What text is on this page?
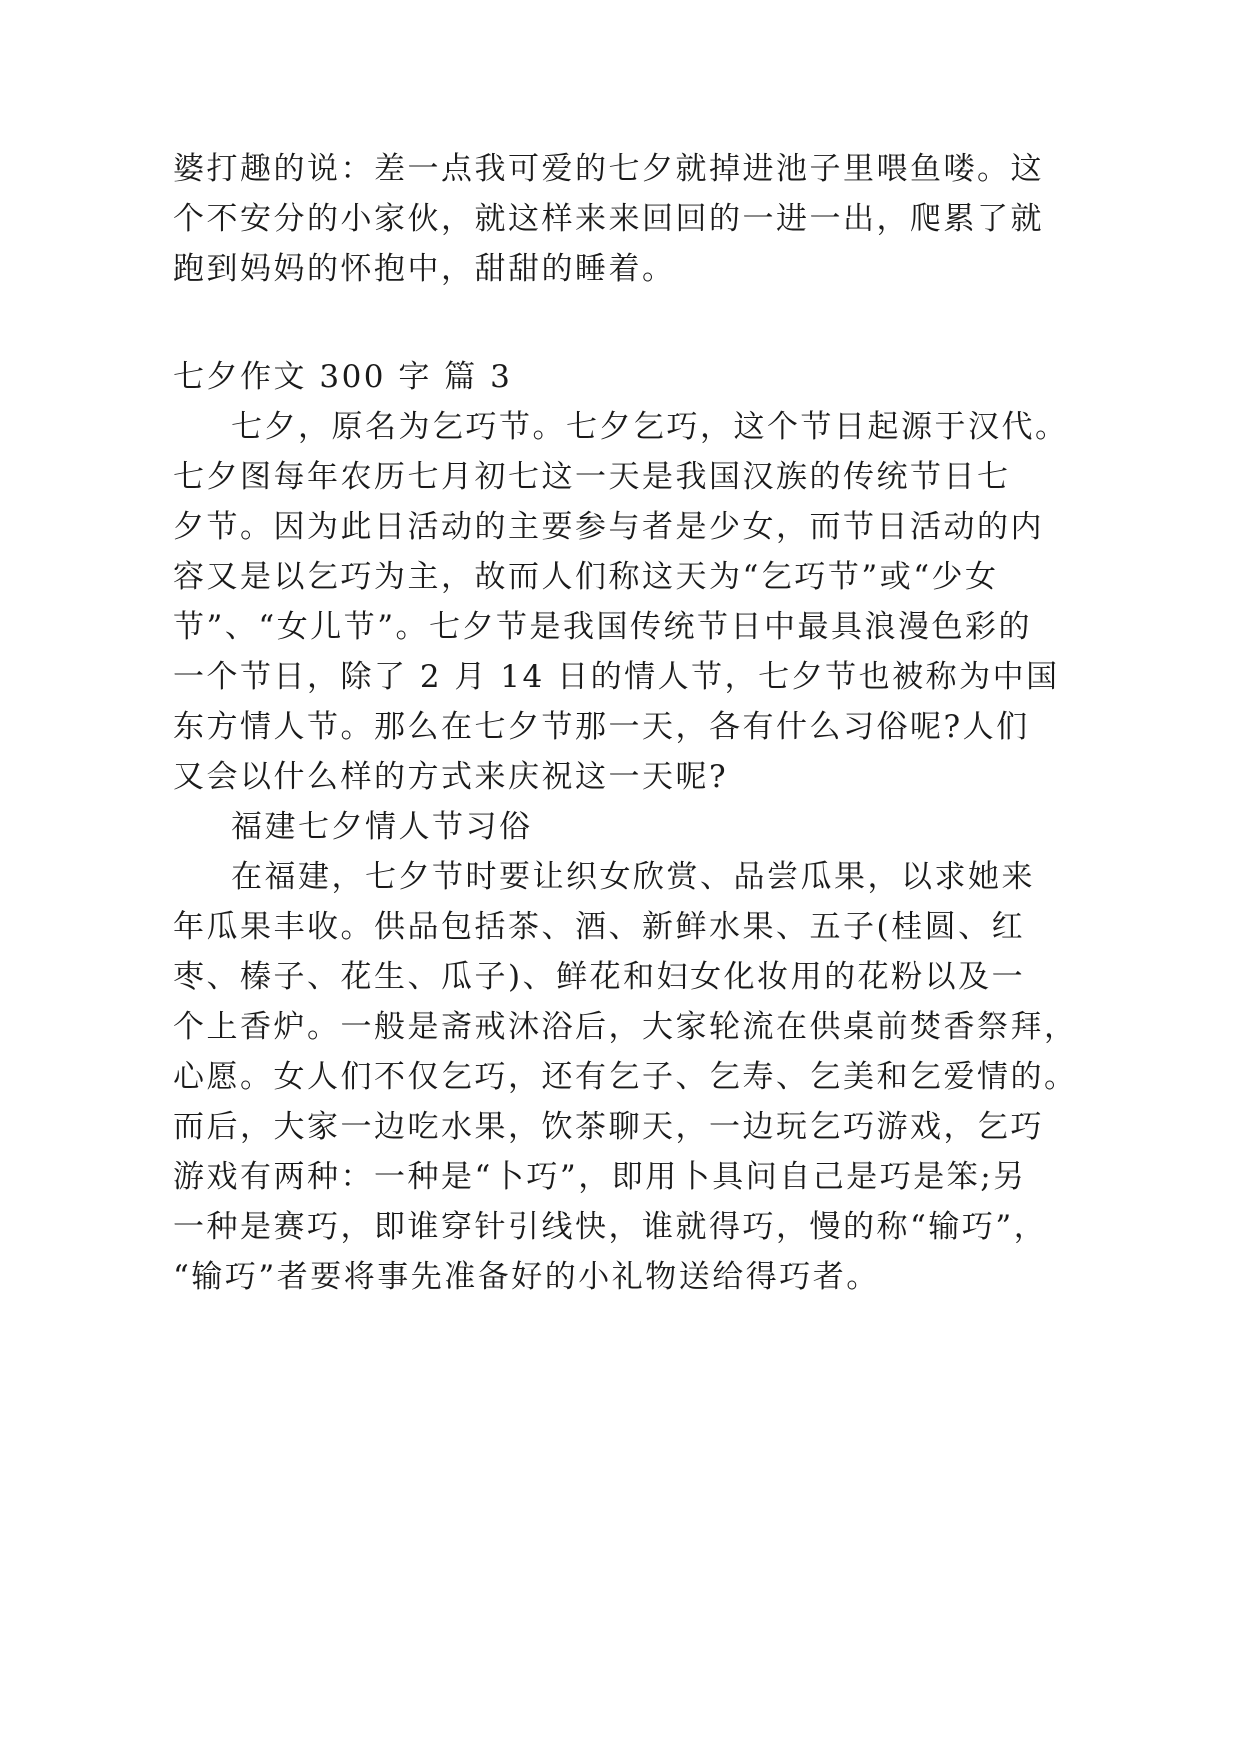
婆打趣的说：差一点我可爱的七夕就掉进池子里喂鱼喽。这

个不安分的小家伙，就这样来来回回的一进一出，爬累了就

跑到妈妈的怀抱中，甜甜的睡着。

七夕作文 300 字 篇 3

七夕，原名为乞巧节。七夕乞巧，这个节日起源于汉代。

七夕图每年农历七月初七这一天是我国汉族的传统节日七

夕节。因为此日活动的主要参与者是少女，而节日活动的内

容又是以乞巧为主，故而人们称这天为“乞巧节”或“少女

节”、“女儿节”。七夕节是我国传统节日中最具浪漫色彩的

一个节日，除了 2 月 14 日的情人节，七夕节也被称为中国

东方情人节。那么在七夕节那一天，各有什么习俗呢?人们

又会以什么样的方式来庆祝这一天呢?

福建七夕情人节习俗

在福建，七夕节时要让织女欣赏、品尝瓜果，以求她来

年瓜果丰收。供品包括茶、酒、新鲜水果、五子(桂圆、红

枣、榛子、花生、瓜子)、鲜花和妇女化妆用的花粉以及一

个上香炉。一般是斋戒沐浴后，大家轮流在供桌前焚香祭拜，

心愿。女人们不仅乞巧，还有乞子、乞寿、乞美和乞爱情的。

而后，大家一边吃水果，饮茶聊天，一边玩乞巧游戏，乞巧

游戏有两种：一种是“卜巧”，即用卜具问自己是巧是笨;另

一种是赛巧，即谁穿针引线快，谁就得巧，慢的称“输巧”，

“输巧”者要将事先准备好的小礼物送给得巧者。
